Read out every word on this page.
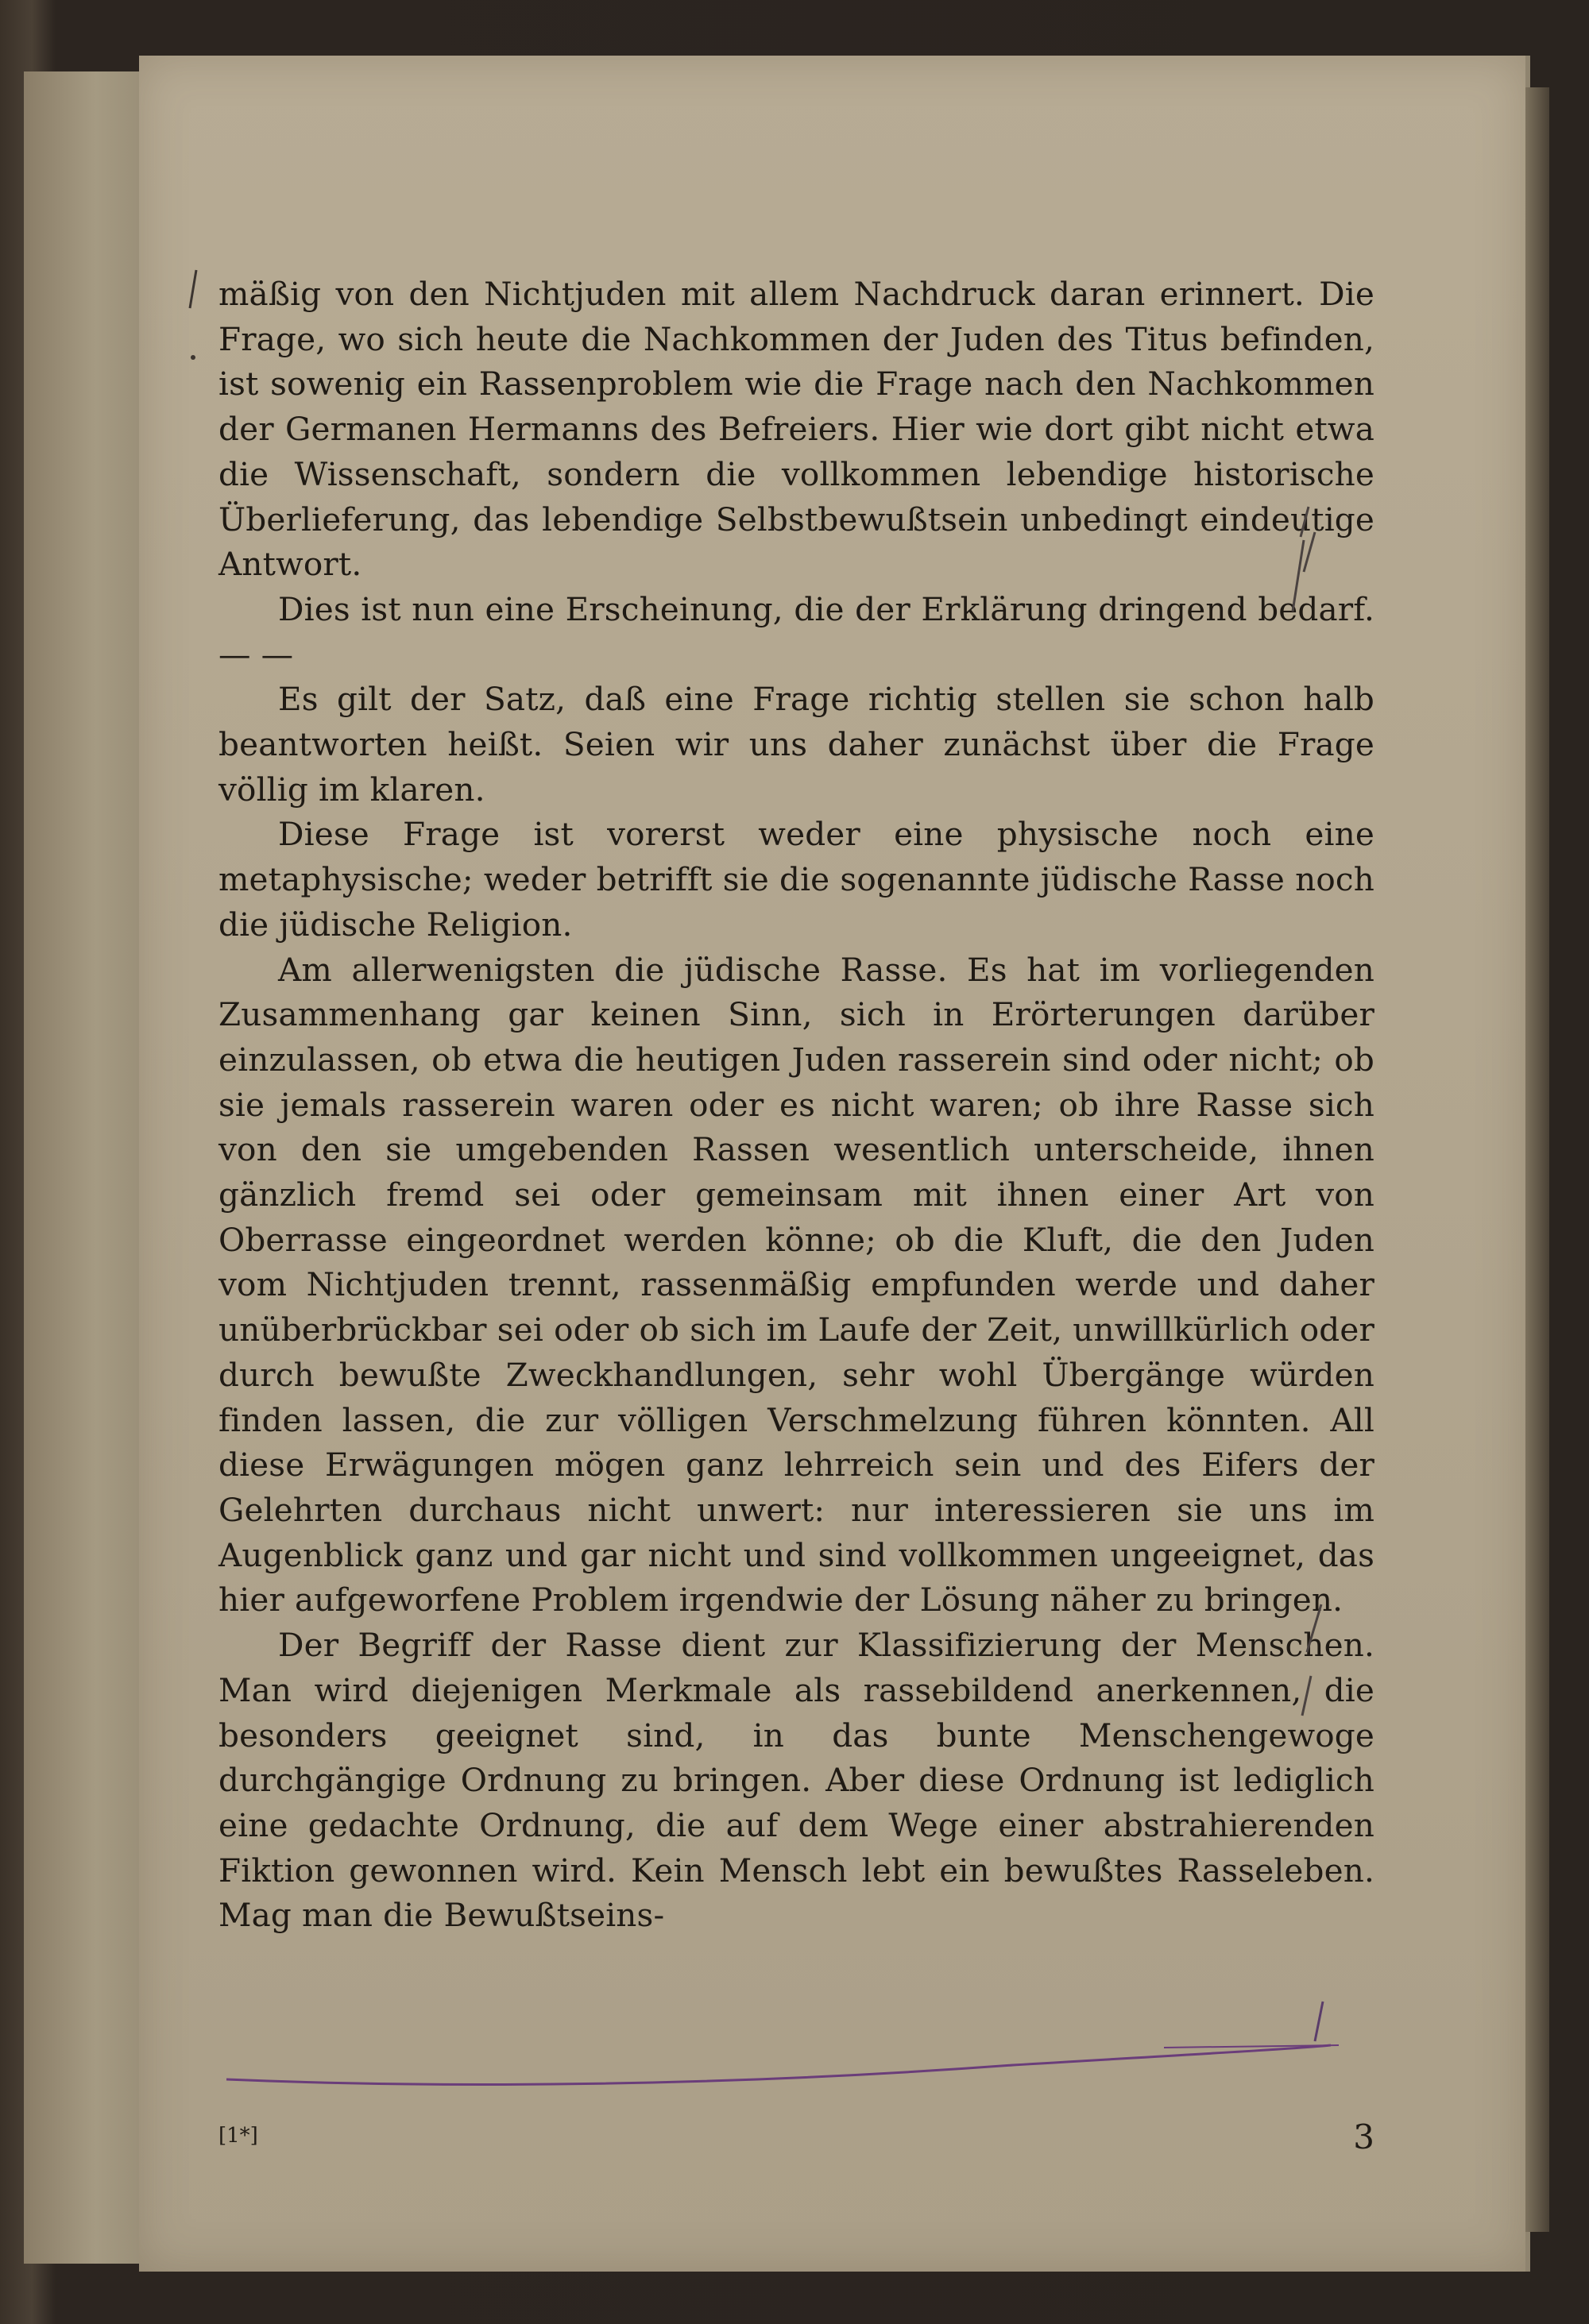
mäßig von den Nichtjuden mit allem Nachdruck daran erinnert. Die Frage, wo sich heute die Nachkommen der Juden des Titus befinden, ist sowenig ein Rassenproblem wie die Frage nach den Nachkommen der Germanen Hermanns des Befreiers. Hier wie dort gibt nicht etwa die Wissenschaft, sondern die vollkommen lebendige historische Überlieferung, das lebendige Selbstbewußtsein unbedingt eindeutige Antwort.

Dies ist nun eine Erscheinung, die der Erklärung dringend bedarf. — —

Es gilt der Satz, daß eine Frage richtig stellen sie schon halb beantworten heißt. Seien wir uns daher zunächst über die Frage völlig im klaren.

Diese Frage ist vorerst weder eine physische noch eine metaphysische; weder betrifft sie die sogenannte jüdische Rasse noch die jüdische Religion.

Am allerwenigsten die jüdische Rasse. Es hat im vorliegenden Zusammenhang gar keinen Sinn, sich in Erörterungen darüber einzulassen, ob etwa die heutigen Juden rasserein sind oder nicht; ob sie jemals rasserein waren oder es nicht waren; ob ihre Rasse sich von den sie umgebenden Rassen wesentlich unterscheide, ihnen gänzlich fremd sei oder gemeinsam mit ihnen einer Art von Oberrasse eingeordnet werden könne; ob die Kluft, die den Juden vom Nichtjuden trennt, rassenmäßig empfunden werde und daher unüberbrückbar sei oder ob sich im Laufe der Zeit, unwillkürlich oder durch bewußte Zweckhandlungen, sehr wohl Übergänge würden finden lassen, die zur völligen Verschmelzung führen könnten. All diese Erwägungen mögen ganz lehrreich sein und des Eifers der Gelehrten durchaus nicht unwert: nur interessieren sie uns im Augenblick ganz und gar nicht und sind vollkommen ungeeignet, das hier aufgeworfene Problem irgendwie der Lösung näher zu bringen.

Der Begriff der Rasse dient zur Klassifizierung der Menschen. Man wird diejenigen Merkmale als rassebildend anerkennen, die besonders geeignet sind, in das bunte Menschengewoge durchgängige Ordnung zu bringen. Aber diese Ordnung ist lediglich eine gedachte Ordnung, die auf dem Wege einer abstrahierenden Fiktion gewonnen wird. Kein Mensch lebt ein bewußtes Rasseleben. Mag man die Bewußtseins-

[1*]	3
